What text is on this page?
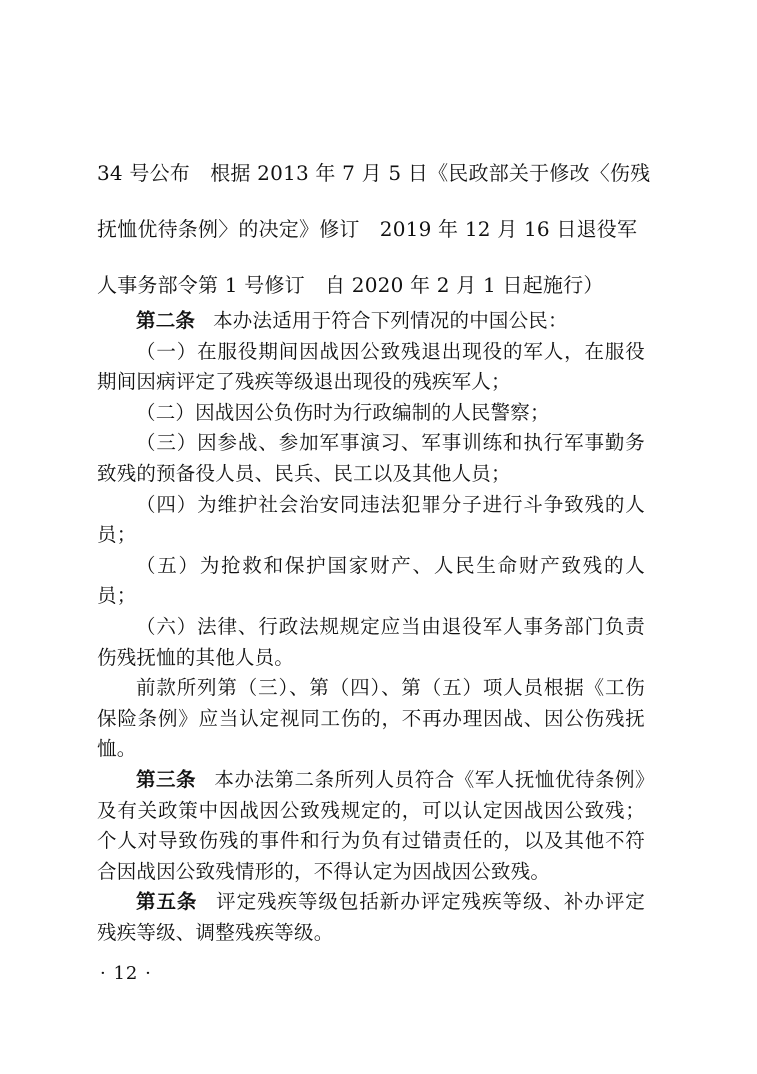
34 号公布　根据 2013 年 7 月 5 日《民政部关于修改〈伤残
抚恤优待条例〉的决定》修订　2019 年 12 月 16 日退役军
人事务部令第 1 号修订　自 2020 年 2 月 1 日起施行）

第二条 本办法适用于符合下列情况的中国公民：

（一）在服役期间因战因公致残退出现役的军人，在服役期间因病评定了残疾等级退出现役的残疾军人；

（二）因战因公负伤时为行政编制的人民警察；

（三）因参战、参加军事演习、军事训练和执行军事勤务致残的预备役人员、民兵、民工以及其他人员；

（四）为维护社会治安同违法犯罪分子进行斗争致残的人员；

（五）为抢救和保护国家财产、人民生命财产致残的人员；

（六）法律、行政法规规定应当由退役军人事务部门负责伤残抚恤的其他人员。

前款所列第（三）、第（四）、第（五）项人员根据《工伤保险条例》应当认定视同工伤的，不再办理因战、因公伤残抚恤。

第三条 本办法第二条所列人员符合《军人抚恤优待条例》及有关政策中因战因公致残规定的，可以认定因战因公致残；个人对导致伤残的事件和行为负有过错责任的，以及其他不符合因战因公致残情形的，不得认定为因战因公致残。

第五条 评定残疾等级包括新办评定残疾等级、补办评定残疾等级、调整残疾等级。

· 12 ·
